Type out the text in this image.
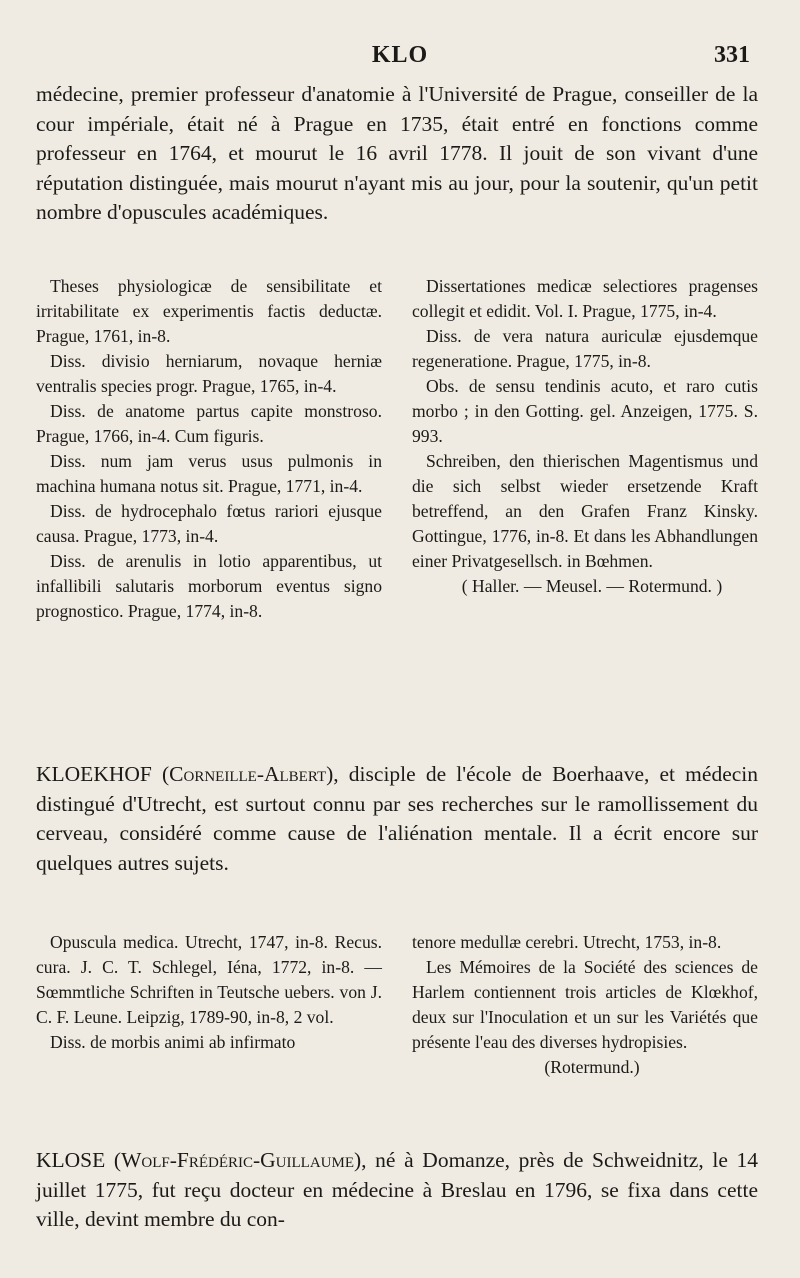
KLO	331
médecine, premier professeur d'anatomie à l'Université de Prague, conseiller de la cour impériale, était né à Prague en 1735, était entré en fonctions comme professeur en 1764, et mourut le 16 avril 1778. Il jouit de son vivant d'une réputation distinguée, mais mourut n'ayant mis au jour, pour la soutenir, qu'un petit nombre d'opuscules académiques.

Theses physiologicæ de sensibilitate et irritabilitate ex experimentis factis deductæ. Prague, 1761, in-8.

Diss. divisio herniarum, novaque herniæ ventralis species progr. Prague, 1765, in-4.

Diss. de anatome partus capite monstroso. Prague, 1766, in-4. Cum figuris.

Diss. num jam verus usus pulmonis in machina humana notus sit. Prague, 1771, in-4.

Diss. de hydrocephalo fœtus rariori ejusque causa. Prague, 1773, in-4.

Diss. de arenulis in lotio apparentibus, ut infallibili salutaris morborum eventus signo prognostico. Prague, 1774, in-8.

Dissertationes medicæ selectiores pragenses collegit et edidit. Vol. I. Prague, 1775, in-4.

Diss. de vera natura auriculæ ejusdemque regeneratione. Prague, 1775, in-8.

Obs. de sensu tendinis acuto, et raro cutis morbo ; in den Gotting. gel. Anzeigen, 1775. S. 993.

Schreiben, den thierischen Magentismus und die sich selbst wieder ersetzende Kraft betreffend, an den Grafen Franz Kinsky. Gottingue, 1776, in-8. Et dans les Abhandlungen einer Privatgesellsch. in Bœhmen.

( Haller. — Meusel. — Rotermund. )

KLOEKHOF (Corneille-Albert), disciple de l'école de Boerhaave, et médecin distingué d'Utrecht, est surtout connu par ses recherches sur le ramollissement du cerveau, considéré comme cause de l'aliénation mentale. Il a écrit encore sur quelques autres sujets.

Opuscula medica. Utrecht, 1747, in-8. Recus. cura. J. C. T. Schlegel, Iéna, 1772, in-8. — Sœmmtliche Schriften in Teutsche uebers. von J. C. F. Leune. Leipzig, 1789-90, in-8, 2 vol.

Diss. de morbis animi ab infirmato

tenore medullæ cerebri. Utrecht, 1753, in-8.

Les Mémoires de la Société des sciences de Harlem contiennent trois articles de Klœkhof, deux sur l'Inoculation et un sur les Variétés que présente l'eau des diverses hydropisies.

(Rotermund.)

KLOSE (Wolf-Frédéric-Guillaume), né à Domanze, près de Schweidnitz, le 14 juillet 1775, fut reçu docteur en médecine à Breslau en 1796, se fixa dans cette ville, devint membre du con-
